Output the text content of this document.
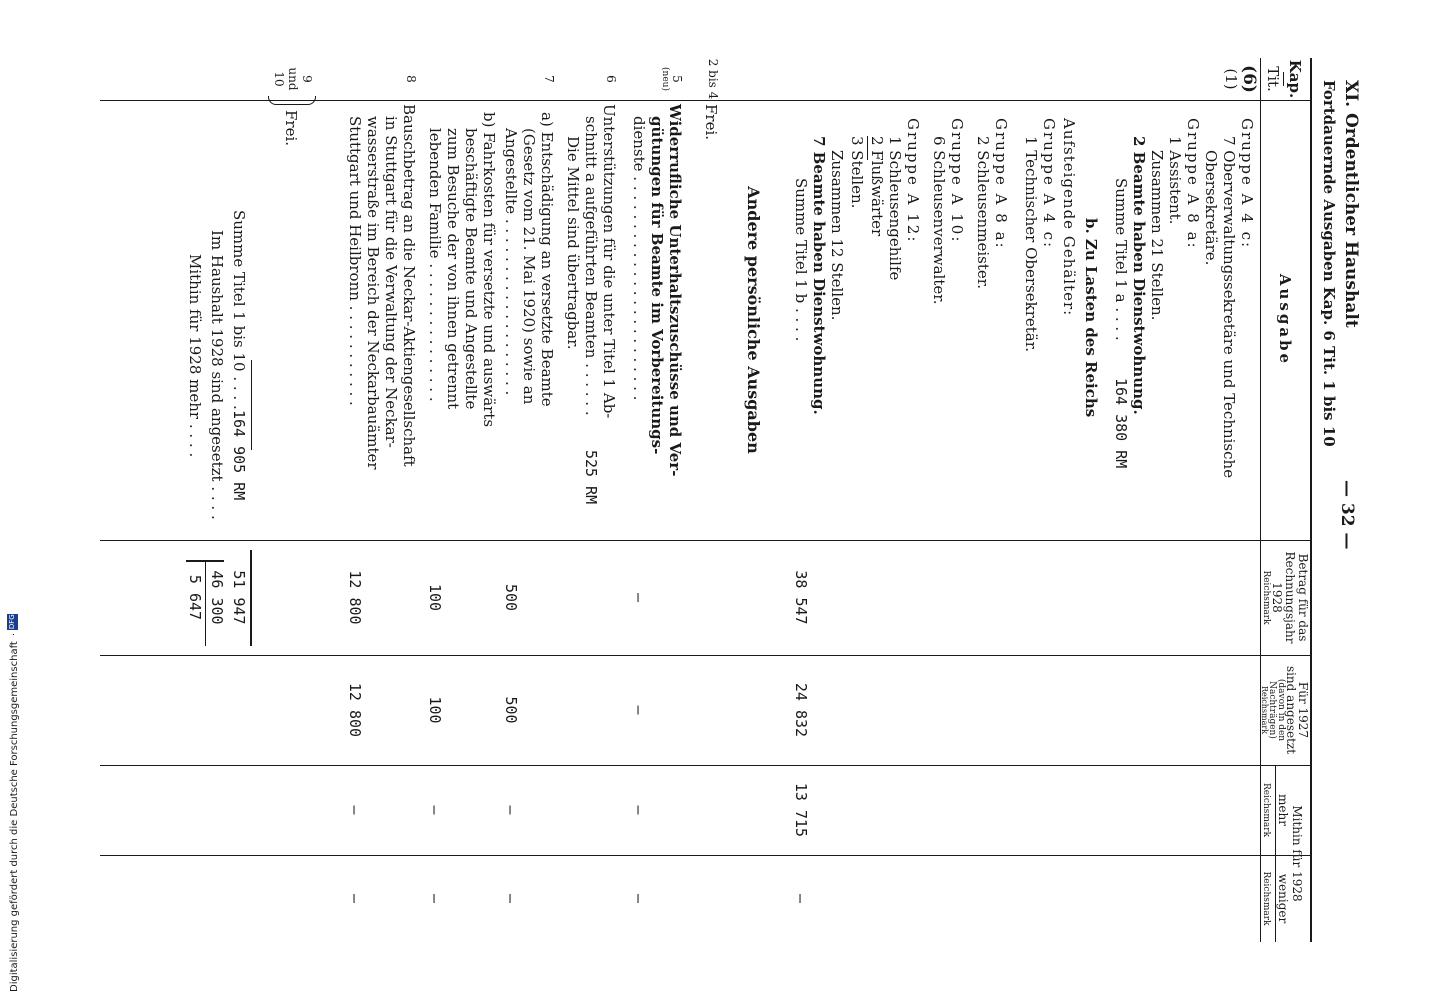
XI. Ordentlicher Haushalt
— 32 —
Fortdauernde Ausgaben Kap. 6 Tit. 1 bis 10
Kap.
Tit.
Ausgabe
Betrag für das
Rechnungsjahr
1928
Reichsmark
Für 1927
sind angesetzt
(davon in den
Nachträgen)
Reichsmark
Mithin für 1928
mehr
Reichsmark
weniger
Reichsmark
(6)
(1)
Gruppe A 4 c:
7 Oberverwaltungssekretäre und Technische
Obersekretäre.
Gruppe A 8 a:
1 Assistent.
Zusammen 21 Stellen.
2 Beamte haben Dienstwohnung.
Summe Titel 1 a . . . .
164 380 RM
b. Zu Lasten des Reichs
Aufsteigende Gehälter:
Gruppe A 4 c:
1 Technischer Obersekretär.
Gruppe A 8 a:
2 Schleusenmeister.
Gruppe A 10:
6 Schleusenverwalter.
Gruppe A 12:
1 Schleusengehilfe
2 Flußwärter
3 Stellen.
Zusammen 12 Stellen.
7 Beamte haben Dienstwohnung.
Summe Titel 1 b . . . .
38 547
24 832
13 715
—
Andere persönliche Ausgaben
2 bis 4
Frei.
5
(neu)
Widerrufliche Unterhaltszuschüsse und Ver-
gütungen für Beamte im Vorbereitungs-
dienste . . . . . . . . . . . . . . . . . . . . . . . .
—
—
—
—
6
Unterstützungen für die unter Titel 1 Ab-
schnitt a aufgeführten Beamten . . . . . .
525 RM
Die Mittel sind übertragbar.
7
a) Entschädigung an versetzte Beamte
(Gesetz vom 21. Mai 1920) sowie an
Angestellte . . . . . . . . . . . . . . . . . . .
500
500
—
—
b) Fahrkosten für versetzte und auswärts
beschäftigte Beamte und Angestellte
zum Besuche der von ihnen getrennt
lebenden Familie . . . . . . . . . . . . . . .
100
100
—
—
8
Bauschbetrag an die Neckar-Aktiengesellschaft
in Stuttgart für die Verwaltung der Neckar-
wasserstraße im Bereich der Neckarbauämter
Stuttgart und Heilbronn . . . . . . . . . . .
12 800
12 800
—
—
9
und
10
Frei.
Summe Titel 1 bis 10 . . . .
164 905 RM
51 947
Im Haushalt 1928 sind angesetzt . . . .
46 300
Mithin für 1928 mehr . . . .
5 647
Digitalisierung gefördert durch die Deutsche Forschungsgemeinschaft · DFG
